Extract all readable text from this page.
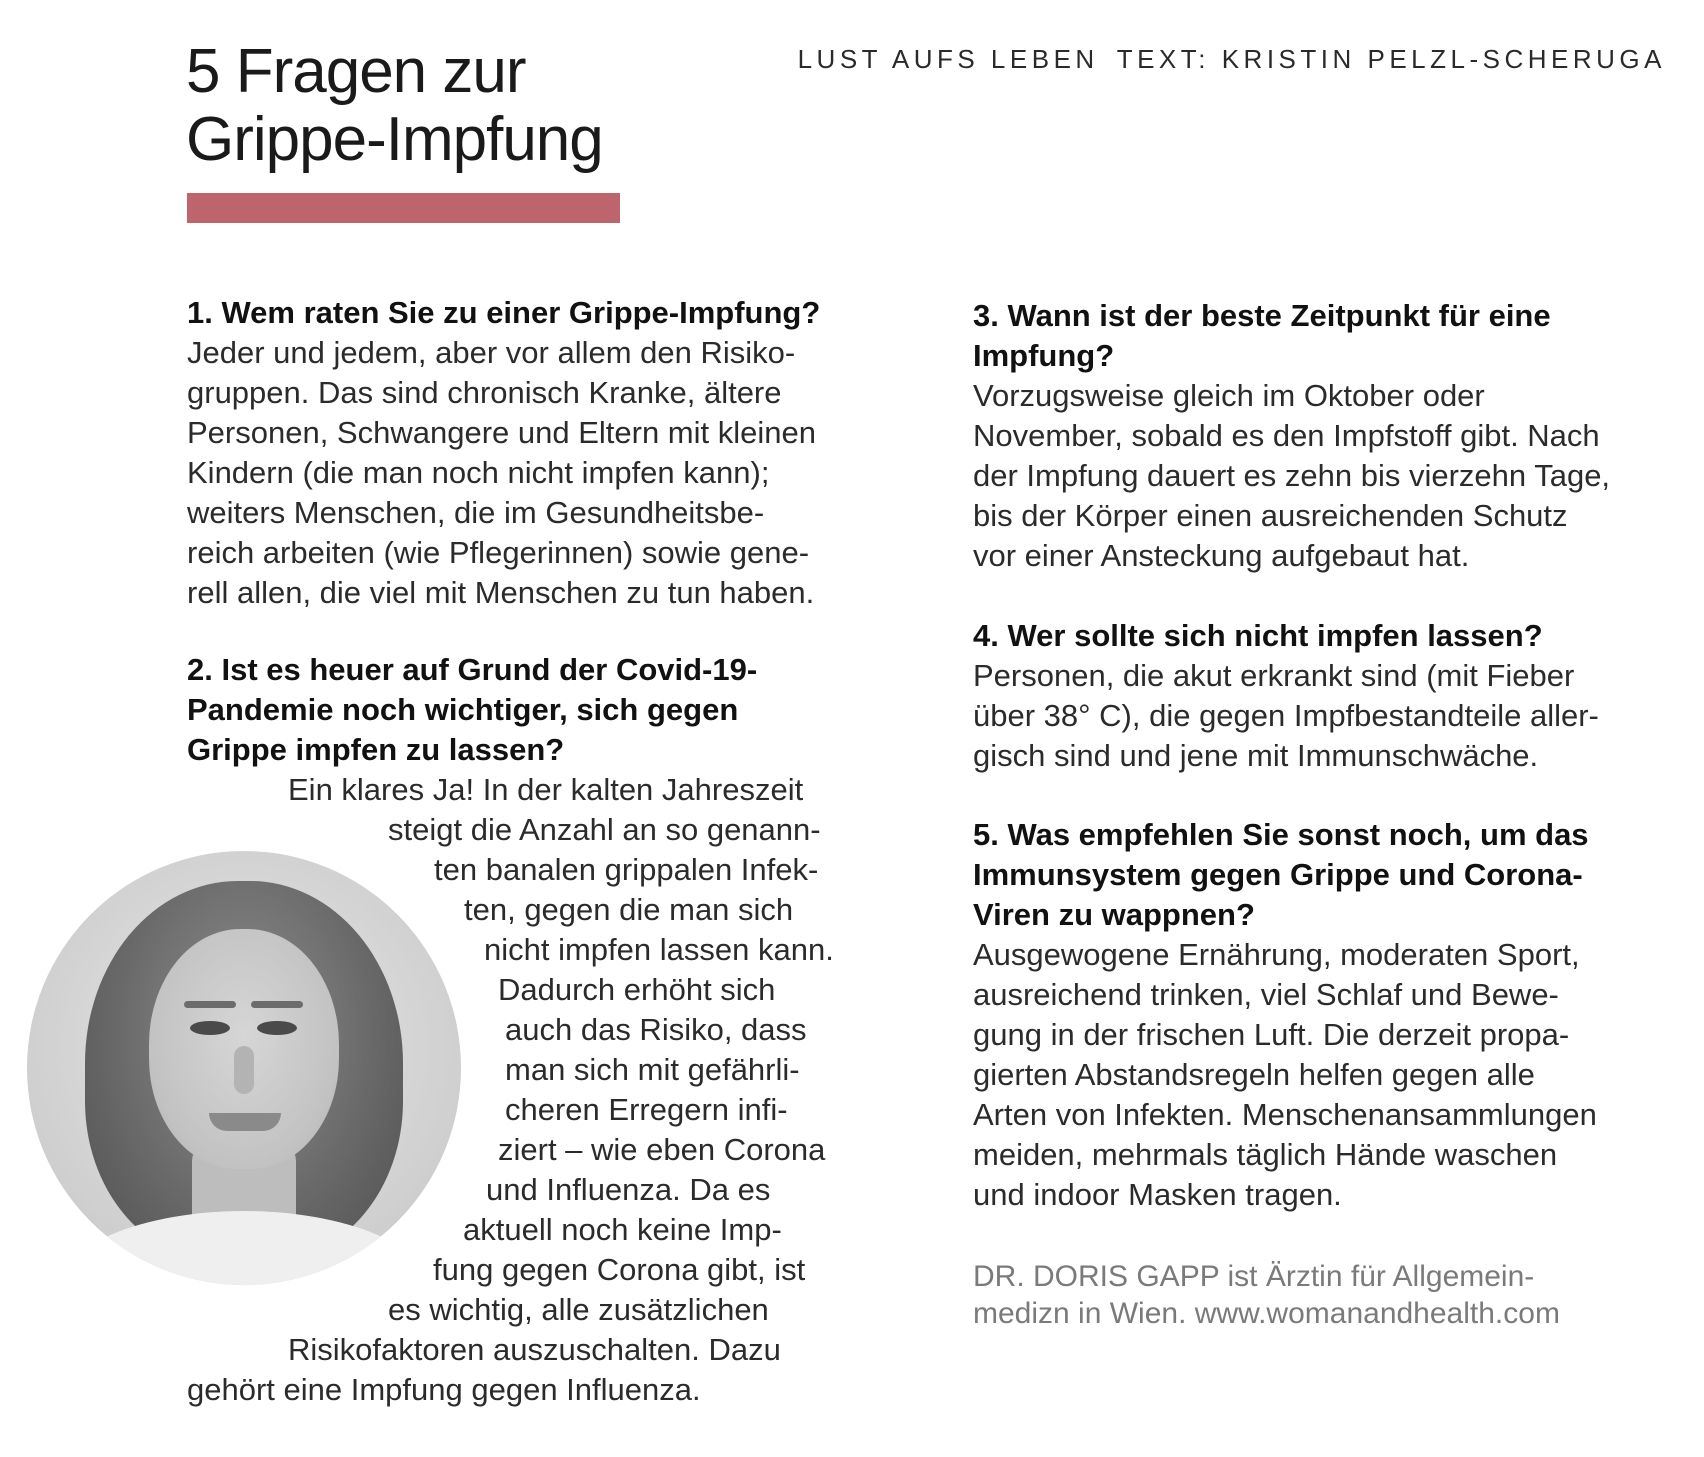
LUST AUFS LEBEN TEXT: KRISTIN PELZL-SCHERUGA
5 Fragen zur
Grippe-Impfung

1. Wem raten Sie zu einer Grippe-Impfung?

Jeder und jedem, aber vor allem den Risiko-
gruppen. Das sind chronisch Kranke, ältere
Personen, Schwangere und Eltern mit kleinen
Kindern (die man noch nicht impfen kann);
weiters Menschen, die im Gesundheitsbe-
reich arbeiten (wie Pflegerinnen) sowie gene-
rell allen, die viel mit Menschen zu tun haben.

2. Ist es heuer auf Grund der Covid-19-
Pandemie noch wichtiger, sich gegen
Grippe impfen zu lassen?

Ein klares Ja! In der kalten Jahreszeit
steigt die Anzahl an so genann-
ten banalen grippalen Infek-
ten, gegen die man sich
nicht impfen lassen kann.
Dadurch erhöht sich
auch das Risiko, dass
man sich mit gefährli-
cheren Erregern infi-
ziert – wie eben Corona
und Influenza. Da es
aktuell noch keine Imp-
fung gegen Corona gibt, ist
es wichtig, alle zusätzlichen
Risikofaktoren auszuschalten. Dazu
gehört eine Impfung gegen Influenza.

3. Wann ist der beste Zeitpunkt für eine
Impfung?

Vorzugsweise gleich im Oktober oder
November, sobald es den Impfstoff gibt. Nach
der Impfung dauert es zehn bis vierzehn Tage,
bis der Körper einen ausreichenden Schutz
vor einer Ansteckung aufgebaut hat.

4. Wer sollte sich nicht impfen lassen?

Personen, die akut erkrankt sind (mit Fieber
über 38° C), die gegen Impfbestandteile aller-
gisch sind und jene mit Immunschwäche.

5. Was empfehlen Sie sonst noch, um das
Immunsystem gegen Grippe und Corona-
Viren zu wappnen?

Ausgewogene Ernährung, moderaten Sport,
ausreichend trinken, viel Schlaf und Bewe-
gung in der frischen Luft. Die derzeit propa-
gierten Abstandsregeln helfen gegen alle
Arten von Infekten. Menschenansammlungen
meiden, mehrmals täglich Hände waschen
und indoor Masken tragen.

DR. DORIS GAPP ist Ärztin für Allgemein-
medizn in Wien. www.womanandhealth.com
